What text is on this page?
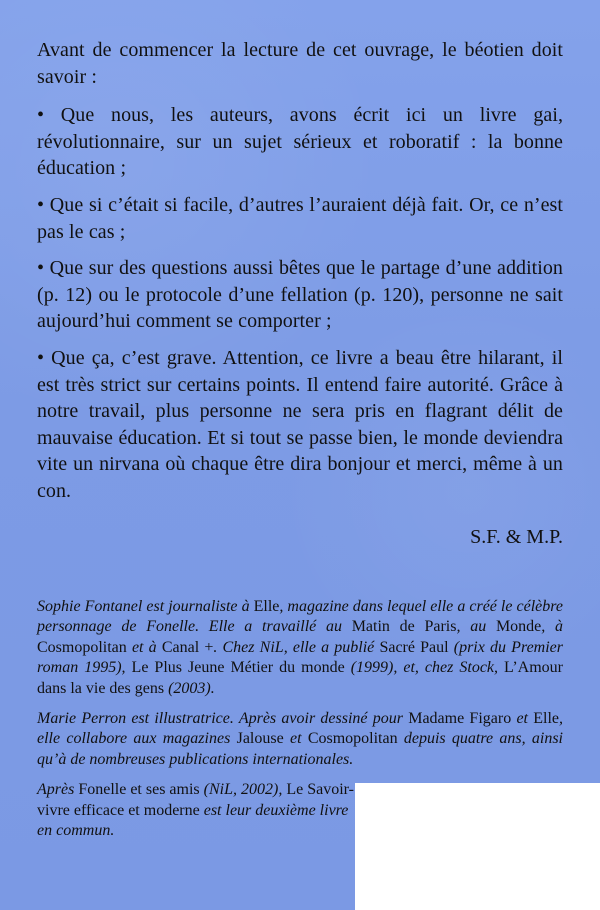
Avant de commencer la lecture de cet ouvrage, le béotien doit savoir :

• Que nous, les auteurs, avons écrit ici un livre gai, révolutionnaire, sur un sujet sérieux et roboratif : la bonne éducation ;

• Que si c’était si facile, d’autres l’auraient déjà fait. Or, ce n’est pas le cas ;

• Que sur des questions aussi bêtes que le partage d’une addition (p. 12) ou le protocole d’une fellation (p. 120), personne ne sait aujourd’hui comment se comporter ;

• Que ça, c’est grave. Attention, ce livre a beau être hilarant, il est très strict sur certains points. Il entend faire autorité. Grâce à notre travail, plus personne ne sera pris en flagrant délit de mauvaise éducation. Et si tout se passe bien, le monde deviendra vite un nirvana où chaque être dira bonjour et merci, même à un con.

S.F. & M.P.

Sophie Fontanel est journaliste à Elle, magazine dans lequel elle a créé le célèbre personnage de Fonelle. Elle a travaillé au Matin de Paris, au Monde, à Cosmopolitan et à Canal +. Chez NiL, elle a publié Sacré Paul (prix du Premier roman 1995), Le Plus Jeune Métier du monde (1999), et, chez Stock, L’Amour dans la vie des gens (2003).

Marie Perron est illustratrice. Après avoir dessiné pour Madame Figaro et Elle, elle collabore aux magazines Jalouse et Cosmopolitan depuis quatre ans, ainsi qu’à de nombreuses publications internationales.

Après Fonelle et ses amis (NiL, 2002), Le Savoir-vivre efficace et moderne est leur deuxième livre en commun.
